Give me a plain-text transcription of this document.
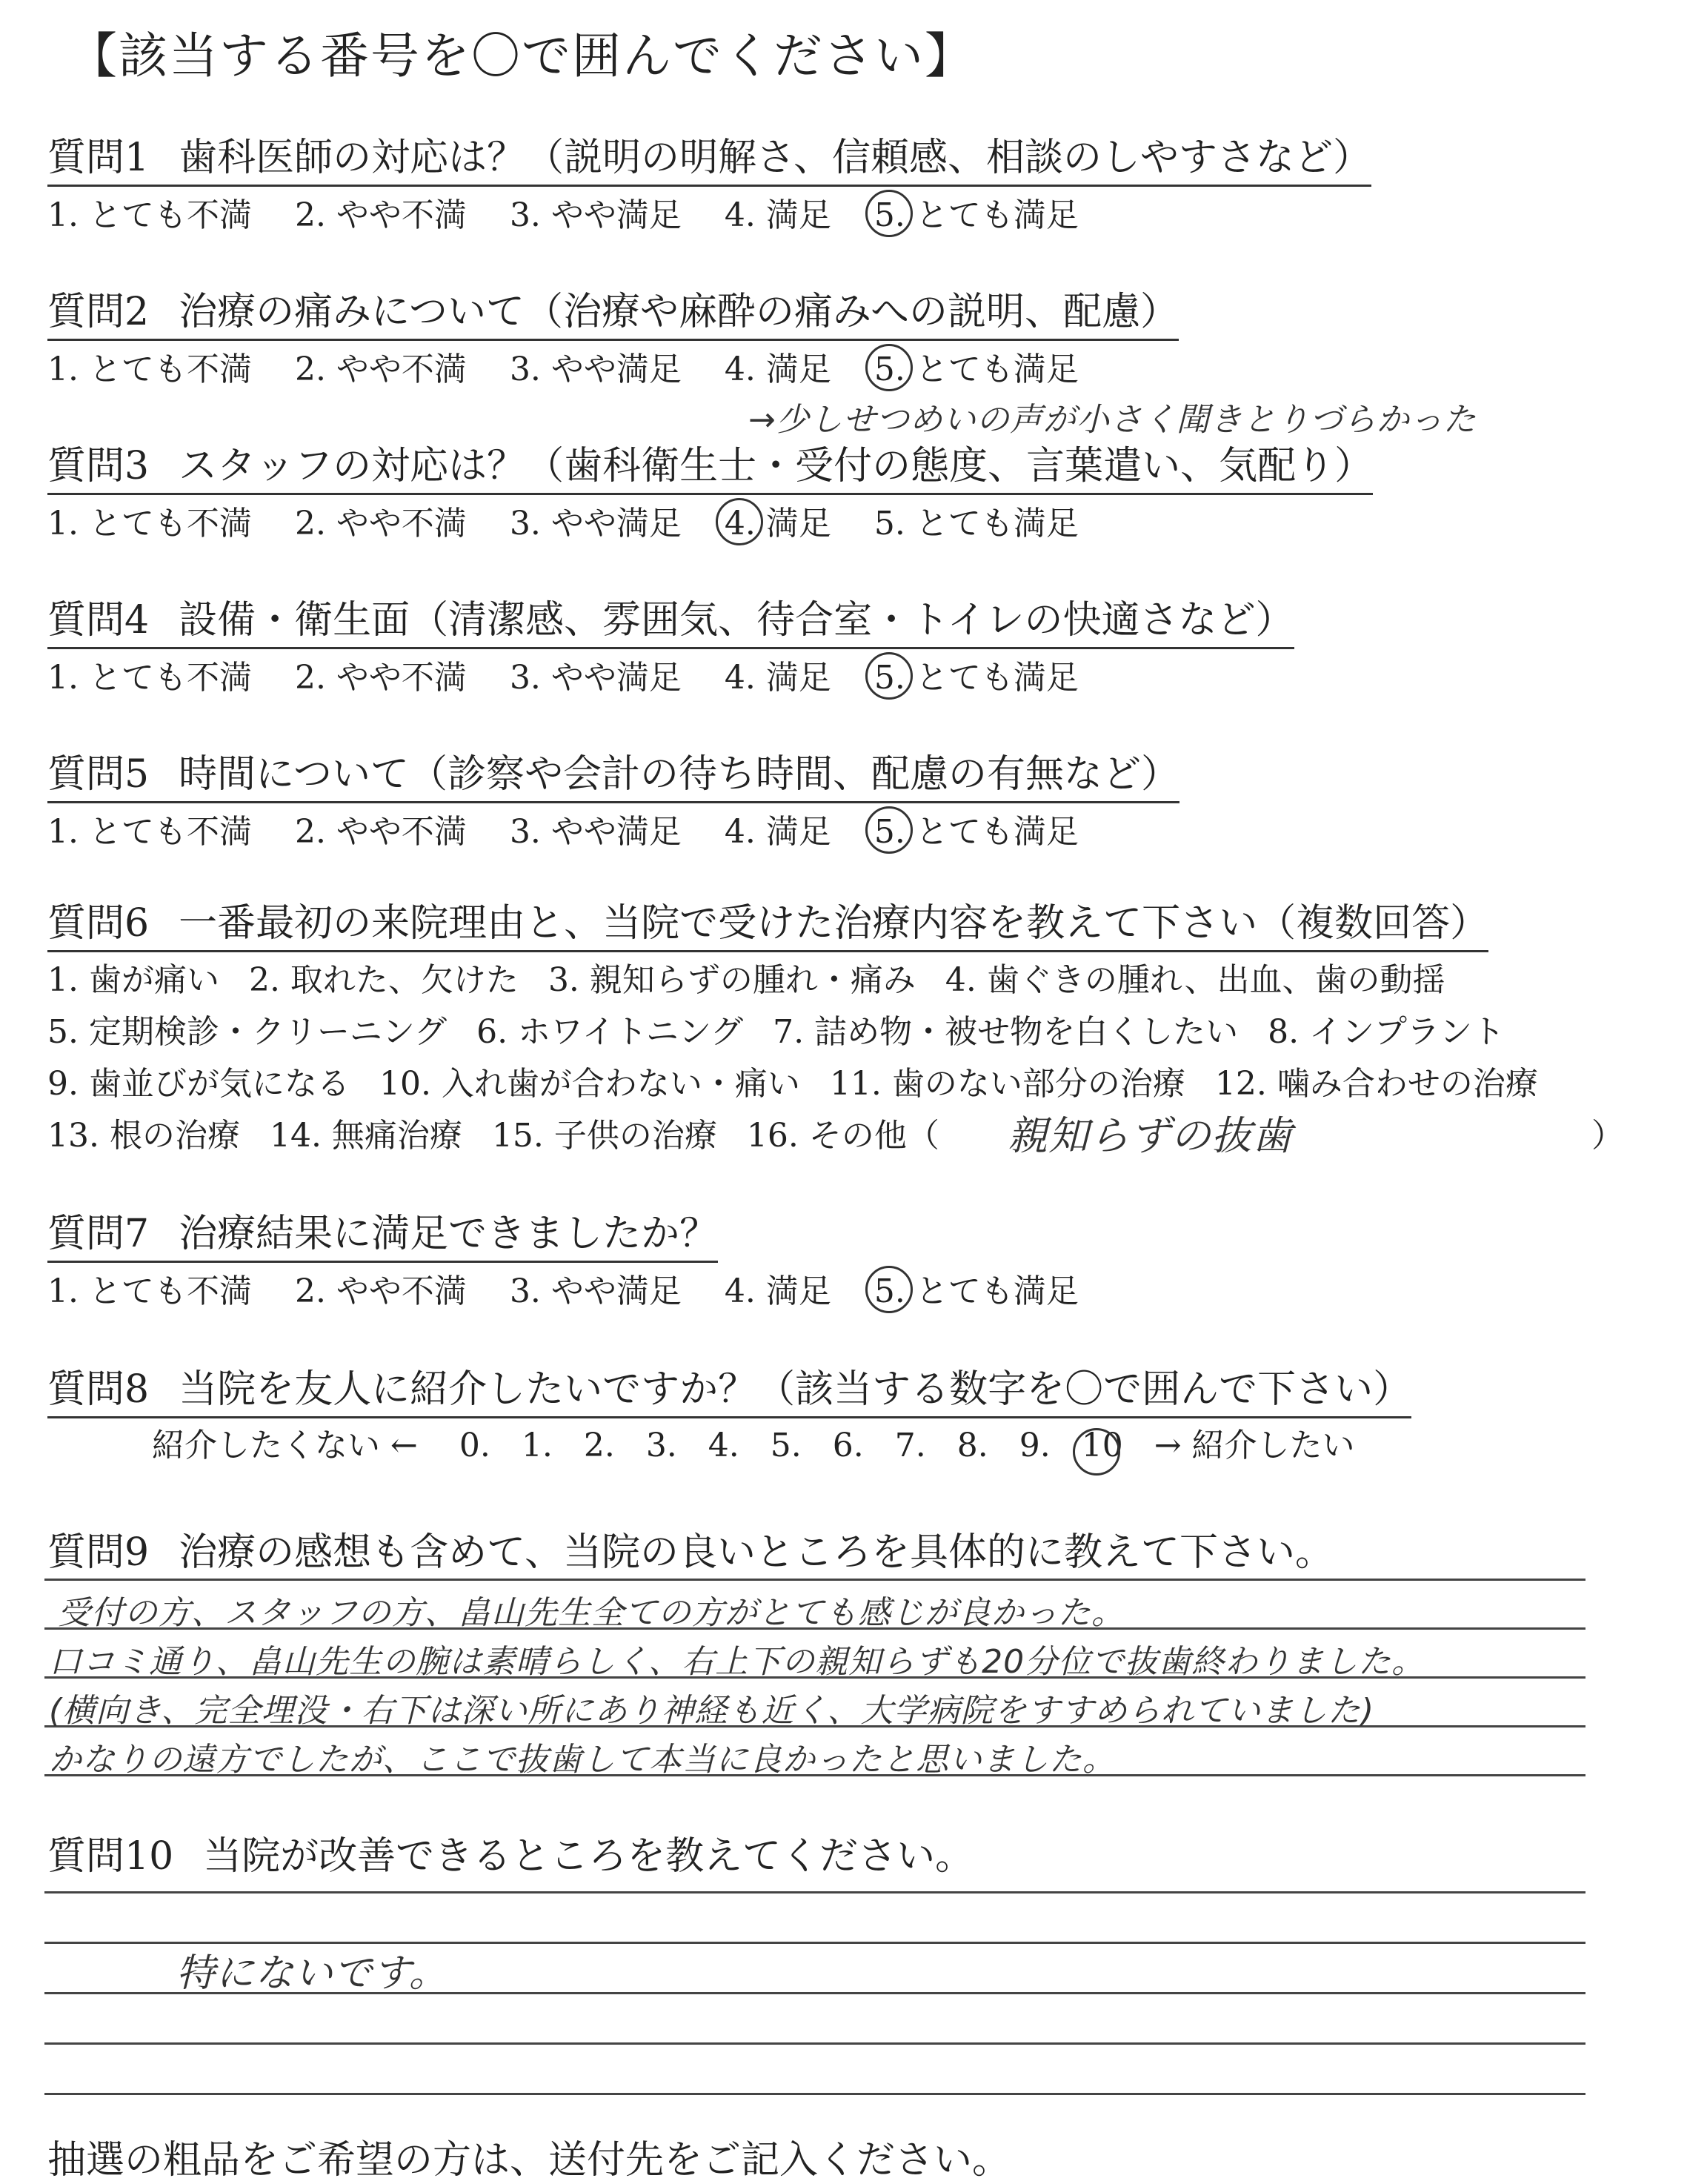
【該当する番号を〇で囲んでください】
質問1 歯科医師の対応は？（説明の明解さ、信頼感、相談のしやすさなど）
1. とても不満 2. やや不満 3. やや満足 4. 満足 5. とても満足
質問2 治療の痛みについて（治療や麻酔の痛みへの説明、配慮）
1. とても不満 2. やや不満 3. やや満足 4. 満足 5. とても満足
質問3 スタッフの対応は？（歯科衛生士・受付の態度、言葉遣い、気配り）
1. とても不満 2. やや不満 3. やや満足 4. 満足 5. とても満足
→少しせつめいの声が小さく聞きとりづらかった
質問4 設備・衛生面（清潔感、雰囲気、待合室・トイレの快適さなど）
1. とても不満 2. やや不満 3. やや満足 4. 満足 5. とても満足
質問5 時間について（診察や会計の待ち時間、配慮の有無など）
1. とても不満 2. やや不満 3. やや満足 4. 満足 5. とても満足
質問6 一番最初の来院理由と、当院で受けた治療内容を教えて下さい（複数回答）
1. 歯が痛い 2. 取れた、欠けた 3. 親知らずの腫れ・痛み 4. 歯ぐきの腫れ、出血、歯の動揺
5. 定期検診・クリーニング 6. ホワイトニング 7. 詰め物・被せ物を白くしたい 8. インプラント
9. 歯並びが気になる 10. 入れ歯が合わない・痛い 11. 歯のない部分の治療 12. 噛み合わせの治療
13. 根の治療 14. 無痛治療 15. 子供の治療 16. その他（ 親知らずの抜歯	）
質問7 治療結果に満足できましたか？
1. とても不満 2. やや不満 3. やや満足 4. 満足 5. とても満足
質問8 当院を友人に紹介したいですか？（該当する数字を〇で囲んで下さい）
紹介したくない ← 0. 1. 2. 3. 4. 5. 6. 7. 8. 9. 10 → 紹介したい
質問9 治療の感想も含めて、当院の良いところを具体的に教えて下さい。
受付の方、スタッフの方、畠山先生全ての方がとても感じが良かった。
口コミ通り、畠山先生の腕は素晴らしく、右上下の親知らずも20分位で抜歯終わりました。
(横向き、完全埋没・右下は深い所にあり神経も近く、大学病院をすすめられていました)
かなりの遠方でしたが、ここで抜歯して本当に良かったと思いました。
質問10 当院が改善できるところを教えてください。
特にないです。
抽選の粗品をご希望の方は、送付先をご記入ください。
